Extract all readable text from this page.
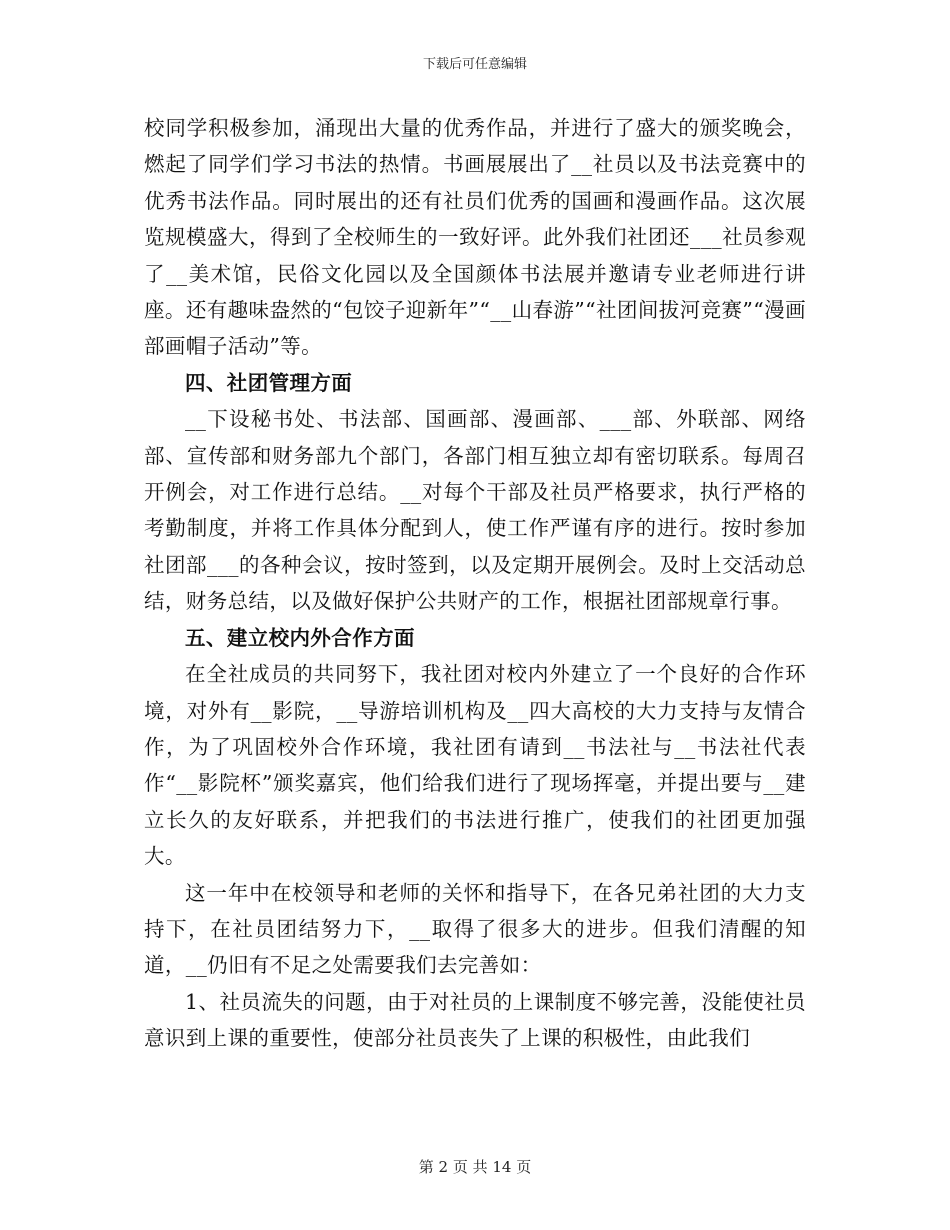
下载后可任意编辑

校同学积极参加，涌现出大量的优秀作品，并进行了盛大的颁奖晚会，燃起了同学们学习书法的热情。书画展展出了__社员以及书法竞赛中的优秀书法作品。同时展出的还有社员们优秀的国画和漫画作品。这次展览规模盛大，得到了全校师生的一致好评。此外我们社团还___社员参观了__美术馆，民俗文化园以及全国颜体书法展并邀请专业老师进行讲座。还有趣味盎然的“包饺子迎新年”“__山春游”“社团间拔河竞赛”“漫画部画帽子活动”等。

四、社团管理方面

__下设秘书处、书法部、国画部、漫画部、___部、外联部、网络部、宣传部和财务部九个部门，各部门相互独立却有密切联系。每周召开例会，对工作进行总结。__对每个干部及社员严格要求，执行严格的考勤制度，并将工作具体分配到人，使工作严谨有序的进行。按时参加社团部___的各种会议，按时签到，以及定期开展例会。及时上交活动总结，财务总结，以及做好保护公共财产的工作，根据社团部规章行事。

五、建立校内外合作方面

在全社成员的共同努下，我社团对校内外建立了一个良好的合作环境，对外有__影院，__导游培训机构及__四大高校的大力支持与友情合作，为了巩固校外合作环境，我社团有请到__书法社与__书法社代表作“__影院杯”颁奖嘉宾，他们给我们进行了现场挥毫，并提出要与__建立长久的友好联系，并把我们的书法进行推广，使我们的社团更加强大。

这一年中在校领导和老师的关怀和指导下，在各兄弟社团的大力支持下，在社员团结努力下，__取得了很多大的进步。但我们清醒的知道，__仍旧有不足之处需要我们去完善如：

1、社员流失的问题，由于对社员的上课制度不够完善，没能使社员意识到上课的重要性，使部分社员丧失了上课的积极性，由此我们

第 2 页 共 14 页
